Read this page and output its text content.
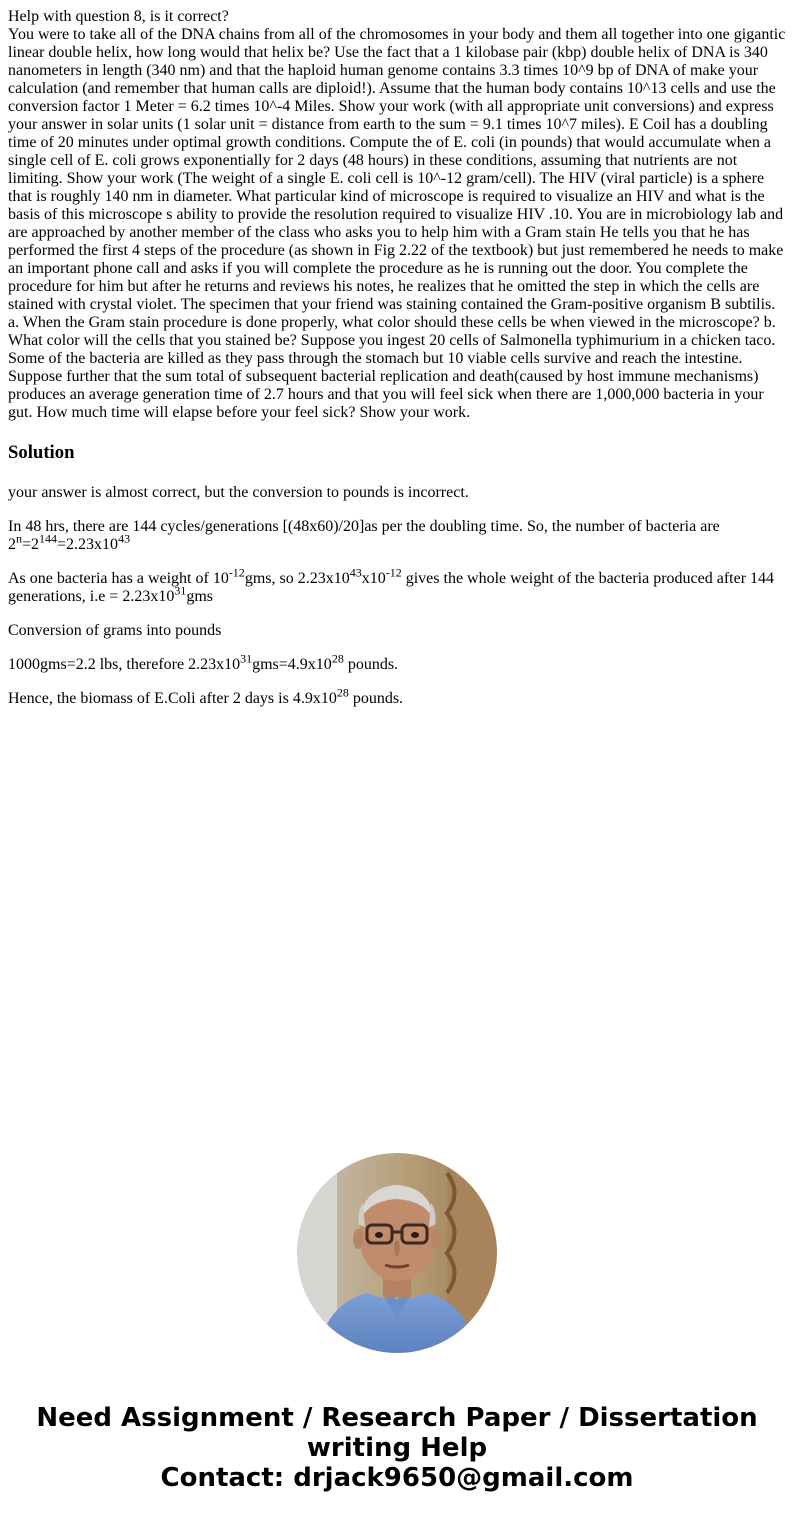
Help with question 8, is it correct?
You were to take all of the DNA chains from all of the chromosomes in your body and them all together into one gigantic linear double helix, how long would that helix be? Use the fact that a 1 kilobase pair (kbp) double helix of DNA is 340 nanometers in length (340 nm) and that the haploid human genome contains 3.3 times 10^9 bp of DNA of make your calculation (and remember that human calls are diploid!). Assume that the human body contains 10^13 cells and use the conversion factor 1 Meter = 6.2 times 10^-4 Miles. Show your work (with all appropriate unit conversions) and express your answer in solar units (1 solar unit = distance from earth to the sum = 9.1 times 10^7 miles). E Coil has a doubling time of 20 minutes under optimal growth conditions. Compute the of E. coli (in pounds) that would accumulate when a single cell of E. coli grows exponentially for 2 days (48 hours) in these conditions, assuming that nutrients are not limiting. Show your work (The weight of a single E. coli cell is 10^-12 gram/cell). The HIV (viral particle) is a sphere that is roughly 140 nm in diameter. What particular kind of microscope is required to visualize an HIV and what is the basis of this microscope s ability to provide the resolution required to visualize HIV .10. You are in microbiology lab and are approached by another member of the class who asks you to help him with a Gram stain He tells you that he has performed the first 4 steps of the procedure (as shown in Fig 2.22 of the textbook) but just remembered he needs to make an important phone call and asks if you will complete the procedure as he is running out the door. You complete the procedure for him but after he returns and reviews his notes, he realizes that he omitted the step in which the cells are stained with crystal violet. The specimen that your friend was staining contained the Gram-positive organism B subtilis. a. When the Gram stain procedure is done properly, what color should these cells be when viewed in the microscope? b. What color will the cells that you stained be? Suppose you ingest 20 cells of Salmonella typhimurium in a chicken taco. Some of the bacteria are killed as they pass through the stomach but 10 viable cells survive and reach the intestine. Suppose further that the sum total of subsequent bacterial replication and death(caused by host immune mechanisms) produces an average generation time of 2.7 hours and that you will feel sick when there are 1,000,000 bacteria in your gut. How much time will elapse before your feel sick? Show your work.
Solution

your answer is almost correct, but the conversion to pounds is incorrect.

In 48 hrs, there are 144 cycles/generations [(48x60)/20]as per the doubling time. So, the number of bacteria are $2^n=2^{144}=2.23x10^{43}$

As one bacteria has a weight of $10^{-12}gms$, so $2.23x10^{43}x10^{-12}$ gives the whole weight of the bacteria produced after 144 generations, $i.e = 2.23x10^{31}gms$

Conversion of grams into pounds

1000gms=2.2 lbs, therefore $2.23x10^{31}gms=4.9x10^{28}$ pounds.

Hence, the biomass of E.Coli after 2 days is $4.9x10^{28}$ pounds.

Need Assignment / Research Paper / Dissertation
writing Help
Contact: drjack9650@gmail.com
